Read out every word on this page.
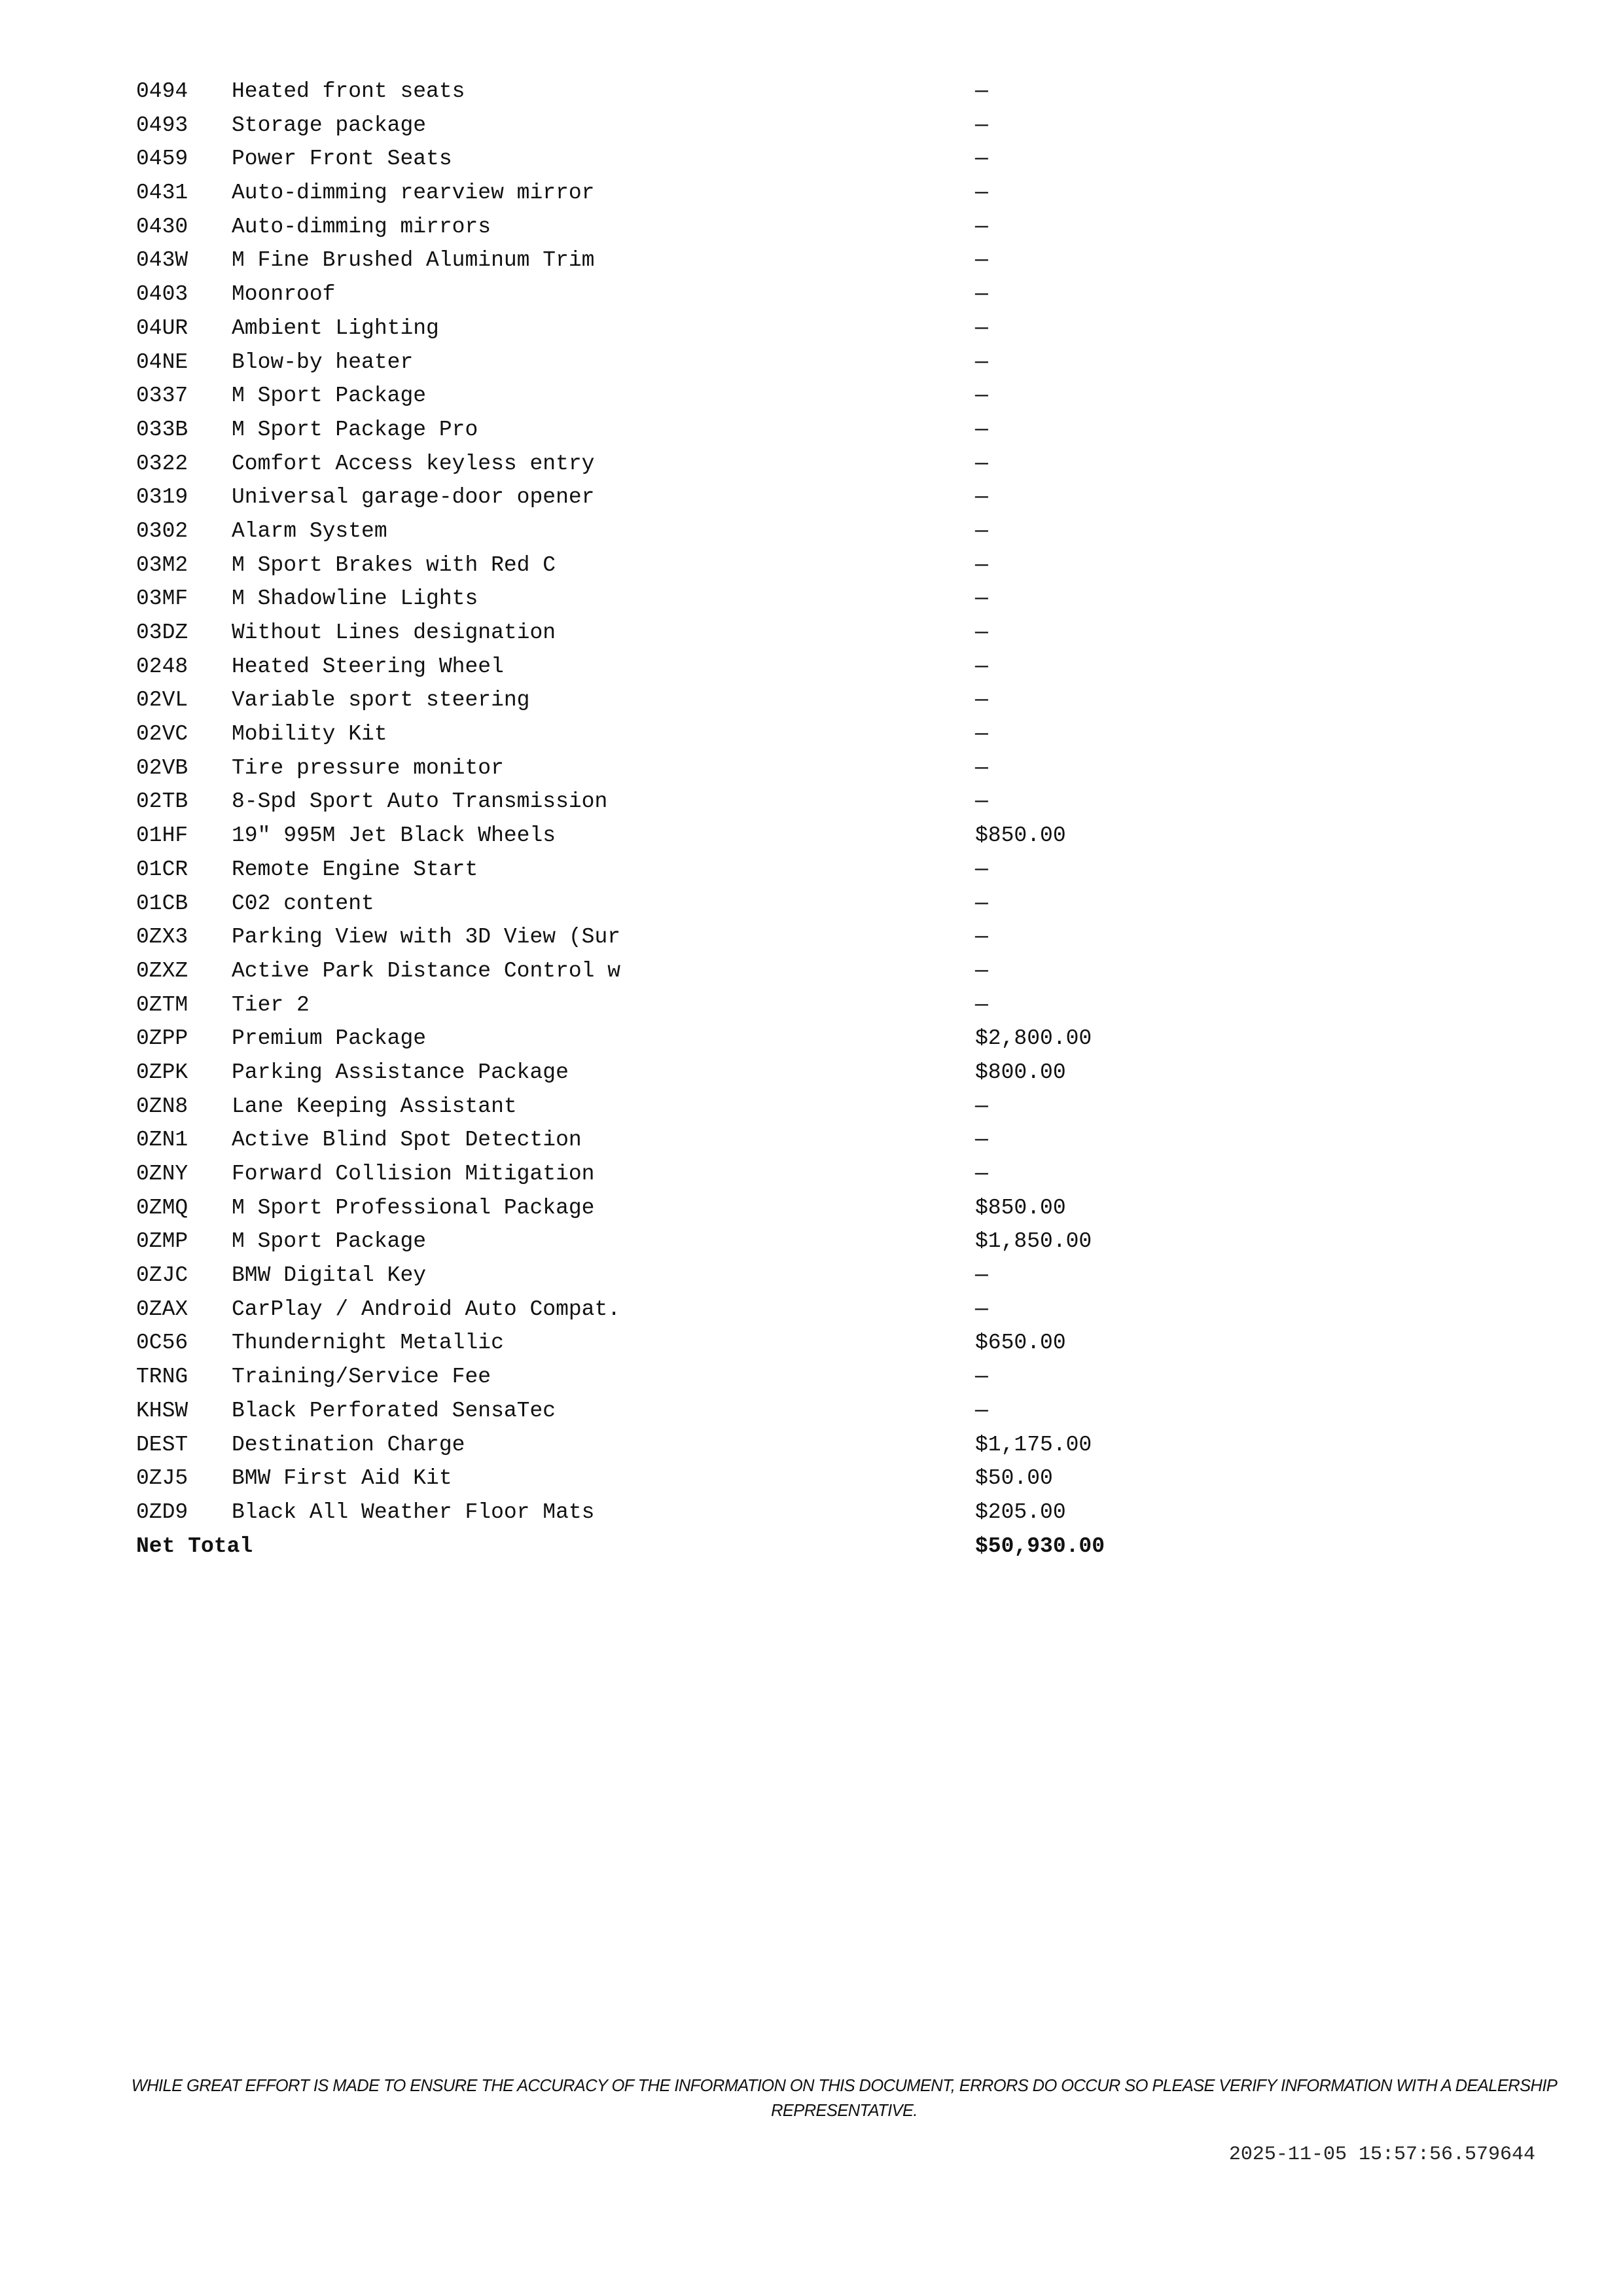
0494 Heated front seats	—
0493 Storage package	—
0459 Power Front Seats	—
0431 Auto-dimming rearview mirror	—
0430 Auto-dimming mirrors	—
043W M Fine Brushed Aluminum Trim	—
0403 Moonroof	—
04UR Ambient Lighting	—
04NE Blow-by heater	—
0337 M Sport Package	—
033B M Sport Package Pro	—
0322 Comfort Access keyless entry	—
0319 Universal garage-door opener	—
0302 Alarm System	—
03M2 M Sport Brakes with Red C	—
03MF M Shadowline Lights	—
03DZ Without Lines designation	—
0248 Heated Steering Wheel	—
02VL Variable sport steering	—
02VC Mobility Kit	—
02VB Tire pressure monitor	—
02TB 8-Spd Sport Auto Transmission	—
01HF 19" 995M Jet Black Wheels	$850.00
01CR Remote Engine Start	—
01CB C02 content	—
0ZX3 Parking View with 3D View (Sur	—
0ZXZ Active Park Distance Control w	—
0ZTM Tier 2	—
0ZPP Premium Package	$2,800.00
0ZPK Parking Assistance Package	$800.00
0ZN8 Lane Keeping Assistant	—
0ZN1 Active Blind Spot Detection	—
0ZNY Forward Collision Mitigation	—
0ZMQ M Sport Professional Package	$850.00
0ZMP M Sport Package	$1,850.00
0ZJC BMW Digital Key	—
0ZAX CarPlay / Android Auto Compat.	—
0C56 Thundernight Metallic	$650.00
TRNG Training/Service Fee	—
KHSW Black Perforated SensaTec	—
DEST Destination Charge	$1,175.00
0ZJ5 BMW First Aid Kit	$50.00
0ZD9 Black All Weather Floor Mats	$205.00
Net Total	$50,930.00
WHILE GREAT EFFORT IS MADE TO ENSURE THE ACCURACY OF THE INFORMATION ON THIS DOCUMENT, ERRORS DO OCCUR SO PLEASE VERIFY INFORMATION WITH A DEALERSHIP REPRESENTATIVE.
2025-11-05 15:57:56.579644
